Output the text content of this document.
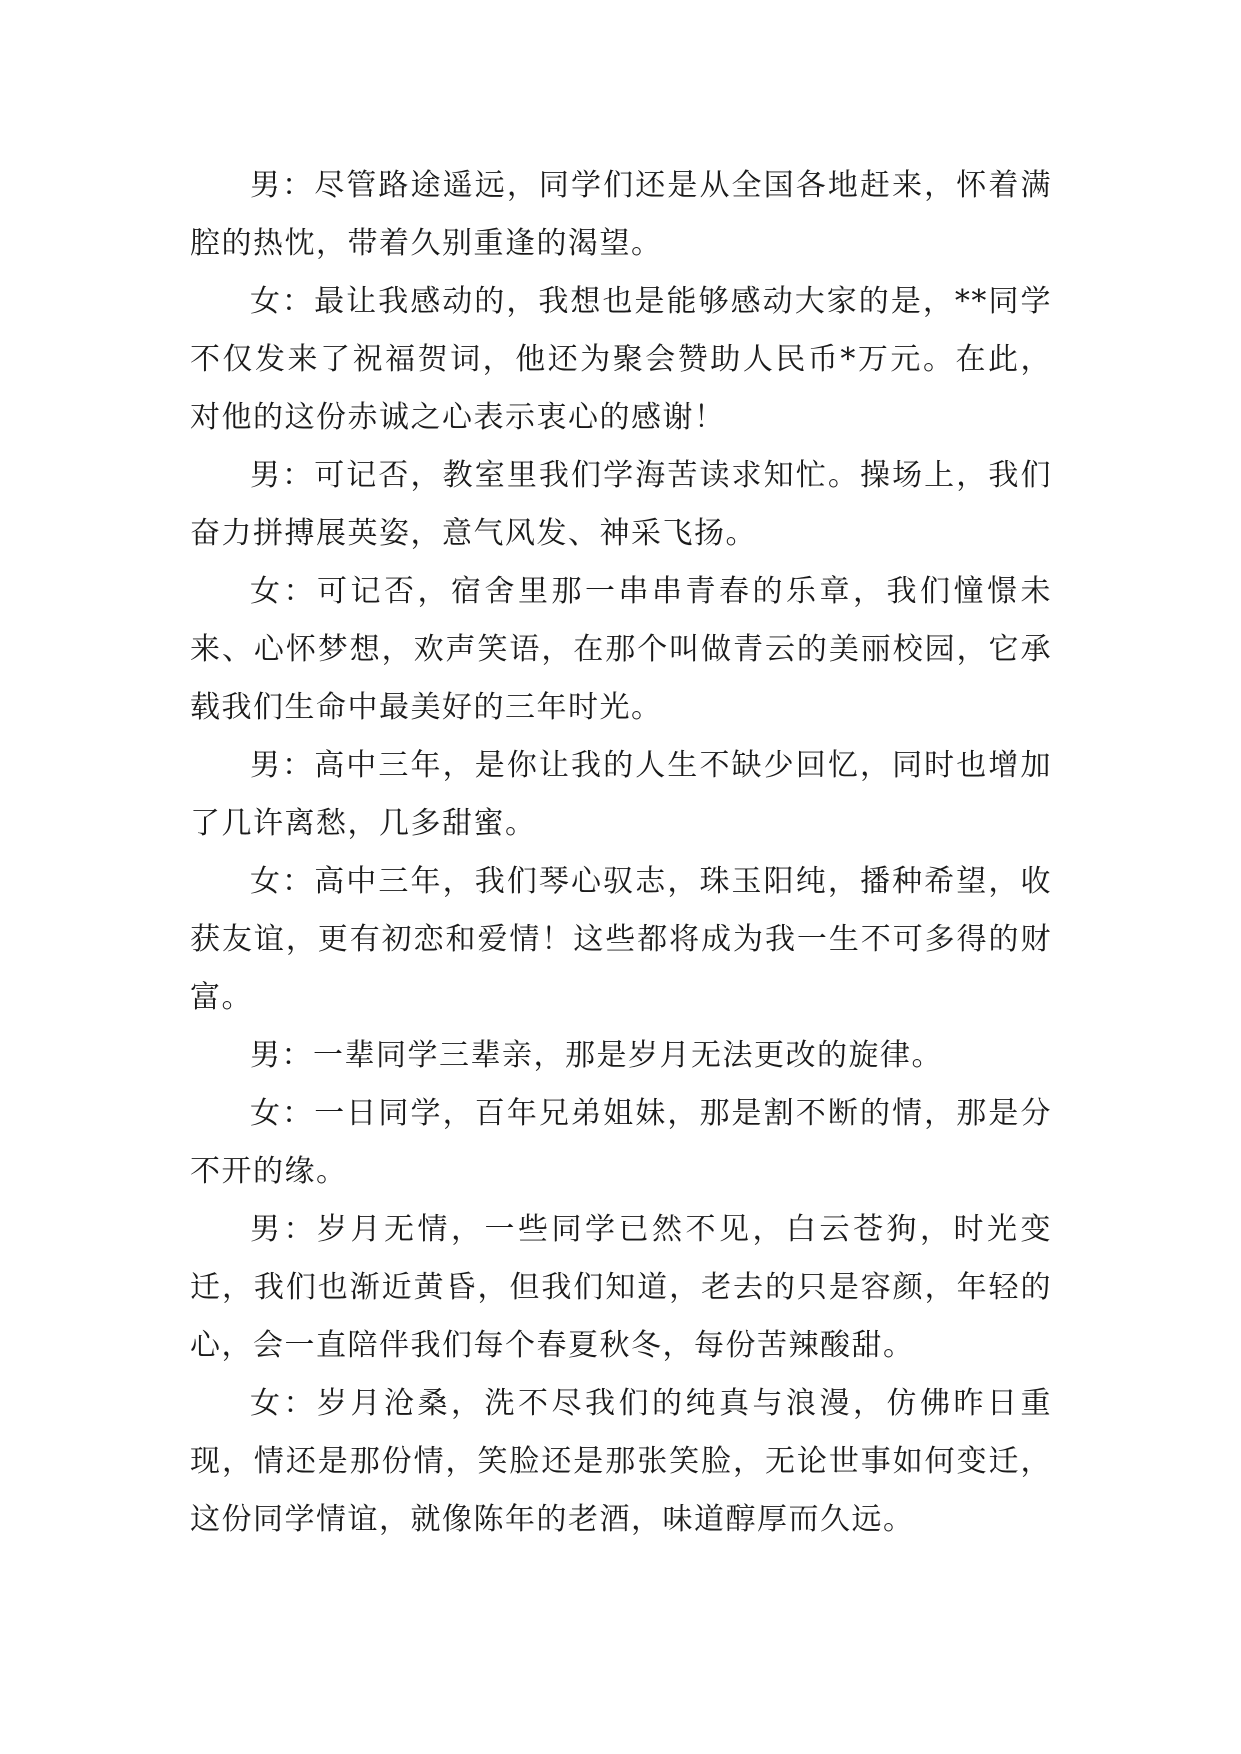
男：尽管路途遥远，同学们还是从全国各地赶来，怀着满腔的热忱，带着久别重逢的渴望。

女：最让我感动的，我想也是能够感动大家的是，**同学不仅发来了祝福贺词，他还为聚会赞助人民币*万元。在此，对他的这份赤诚之心表示衷心的感谢！

男：可记否，教室里我们学海苦读求知忙。操场上，我们奋力拼搏展英姿，意气风发、神采飞扬。

女：可记否，宿舍里那一串串青春的乐章，我们憧憬未来、心怀梦想，欢声笑语，在那个叫做青云的美丽校园，它承载我们生命中最美好的三年时光。

男：高中三年，是你让我的人生不缺少回忆，同时也增加了几许离愁，几多甜蜜。

女：高中三年，我们琴心驭志，珠玉阳纯，播种希望，收获友谊，更有初恋和爱情！这些都将成为我一生不可多得的财富。

男：一辈同学三辈亲，那是岁月无法更改的旋律。

女：一日同学，百年兄弟姐妹，那是割不断的情，那是分不开的缘。

男：岁月无情，一些同学已然不见，白云苍狗，时光变迁，我们也渐近黄昏，但我们知道，老去的只是容颜，年轻的心，会一直陪伴我们每个春夏秋冬，每份苦辣酸甜。

女：岁月沧桑，洗不尽我们的纯真与浪漫，仿佛昨日重现，情还是那份情，笑脸还是那张笑脸，无论世事如何变迁，这份同学情谊，就像陈年的老酒，味道醇厚而久远。
